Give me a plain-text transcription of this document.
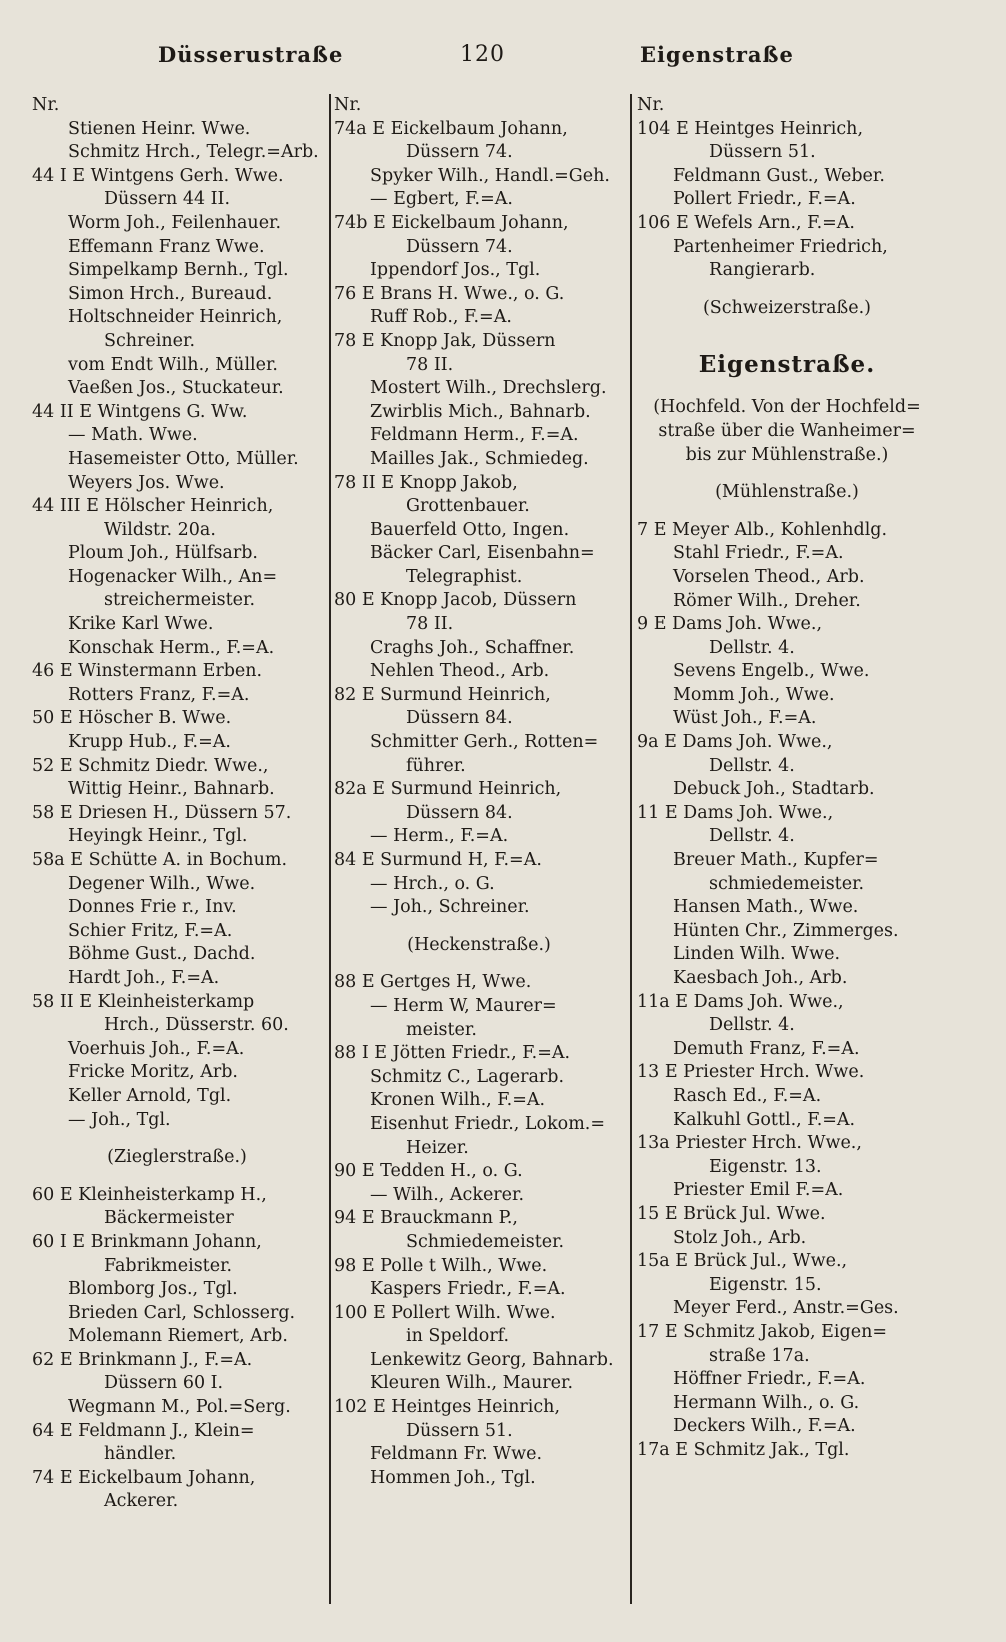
Düsserustraße	120	Eigenstraße
Nr.
Stienen Heinr. Wwe.
Schmitz Hrch., Telegr.=Arb.
44 I E Wintgens Gerh. Wwe.
Düssern 44 II.
Worm Joh., Feilenhauer.
Effemann Franz Wwe.
Simpelkamp Bernh., Tgl.
Simon Hrch., Bureaud.
Holtschneider Heinrich,
Schreiner.
vom Endt Wilh., Müller.
Vaeßen Jos., Stuckateur.
44 II E Wintgens G. Ww.
— Math. Wwe.
Hasemeister Otto, Müller.
Weyers Jos. Wwe.
44 III E Hölscher Heinrich,
Wildstr. 20a.
Ploum Joh., Hülfsarb.
Hogenacker Wilh., An=
streichermeister.
Krike Karl Wwe.
Konschak Herm., F.=A.
46 E Winstermann Erben.
Rotters Franz, F.=A.
50 E Höscher B. Wwe.
Krupp Hub., F.=A.
52 E Schmitz Diedr. Wwe.,
Wittig Heinr., Bahnarb.
58 E Driesen H., Düssern 57.
Heyingk Heinr., Tgl.
58a E Schütte A. in Bochum.
Degener Wilh., Wwe.
Donnes Frie r., Inv.
Schier Fritz, F.=A.
Böhme Gust., Dachd.
Hardt Joh., F.=A.
58 II E Kleinheisterkamp
Hrch., Düsserstr. 60.
Voerhuis Joh., F.=A.
Fricke Moritz, Arb.
Keller Arnold, Tgl.
— Joh., Tgl.
(Zieglerstraße.)
60 E Kleinheisterkamp H.,
Bäckermeister
60 I E Brinkmann Johann,
Fabrikmeister.
Blomborg Jos., Tgl.
Brieden Carl, Schlosserg.
Molemann Riemert, Arb.
62 E Brinkmann J., F.=A.
Düssern 60 I.
Wegmann M., Pol.=Serg.
64 E Feldmann J., Klein=
händler.
74 E Eickelbaum Johann,
Ackerer.
Nr.
74a E Eickelbaum Johann,
Düssern 74.
Spyker Wilh., Handl.=Geh.
— Egbert, F.=A.
74b E Eickelbaum Johann,
Düssern 74.
Ippendorf Jos., Tgl.
76 E Brans H. Wwe., o. G.
Ruff Rob., F.=A.
78 E Knopp Jak, Düssern
78 II.
Mostert Wilh., Drechslerg.
Zwirblis Mich., Bahnarb.
Feldmann Herm., F.=A.
Mailles Jak., Schmiedeg.
78 II E Knopp Jakob,
Grottenbauer.
Bauerfeld Otto, Ingen.
Bäcker Carl, Eisenbahn=
Telegraphist.
80 E Knopp Jacob, Düssern
78 II.
Craghs Joh., Schaffner.
Nehlen Theod., Arb.
82 E Surmund Heinrich,
Düssern 84.
Schmitter Gerh., Rotten=
führer.
82a E Surmund Heinrich,
Düssern 84.
— Herm., F.=A.
84 E Surmund H, F.=A.
— Hrch., o. G.
— Joh., Schreiner.
(Heckenstraße.)
88 E Gertges H, Wwe.
— Herm W, Maurer=
meister.
88 I E Jötten Friedr., F.=A.
Schmitz C., Lagerarb.
Kronen Wilh., F.=A.
Eisenhut Friedr., Lokom.=
Heizer.
90 E Tedden H., o. G.
— Wilh., Ackerer.
94 E Brauckmann P.,
Schmiedemeister.
98 E Polle t Wilh., Wwe.
Kaspers Friedr., F.=A.
100 E Pollert Wilh. Wwe.
in Speldorf.
Lenkewitz Georg, Bahnarb.
Kleuren Wilh., Maurer.
102 E Heintges Heinrich,
Düssern 51.
Feldmann Fr. Wwe.
Hommen Joh., Tgl.
Nr.
104 E Heintges Heinrich,
Düssern 51.
Feldmann Gust., Weber.
Pollert Friedr., F.=A.
106 E Wefels Arn., F.=A.
Partenheimer Friedrich,
Rangierarb.
(Schweizerstraße.)
Eigenstraße.
(Hochfeld. Von der Hochfeld=
straße über die Wanheimer=
bis zur Mühlenstraße.)
(Mühlenstraße.)
7 E Meyer Alb., Kohlenhdlg.
Stahl Friedr., F.=A.
Vorselen Theod., Arb.
Römer Wilh., Dreher.
9 E Dams Joh. Wwe.,
Dellstr. 4.
Sevens Engelb., Wwe.
Momm Joh., Wwe.
Wüst Joh., F.=A.
9a E Dams Joh. Wwe.,
Dellstr. 4.
Debuck Joh., Stadtarb.
11 E Dams Joh. Wwe.,
Dellstr. 4.
Breuer Math., Kupfer=
schmiedemeister.
Hansen Math., Wwe.
Hünten Chr., Zimmerges.
Linden Wilh. Wwe.
Kaesbach Joh., Arb.
11a E Dams Joh. Wwe.,
Dellstr. 4.
Demuth Franz, F.=A.
13 E Priester Hrch. Wwe.
Rasch Ed., F.=A.
Kalkuhl Gottl., F.=A.
13a Priester Hrch. Wwe.,
Eigenstr. 13.
Priester Emil F.=A.
15 E Brück Jul. Wwe.
Stolz Joh., Arb.
15a E Brück Jul., Wwe.,
Eigenstr. 15.
Meyer Ferd., Anstr.=Ges.
17 E Schmitz Jakob, Eigen=
straße 17a.
Höffner Friedr., F.=A.
Hermann Wilh., o. G.
Deckers Wilh., F.=A.
17a E Schmitz Jak., Tgl.
